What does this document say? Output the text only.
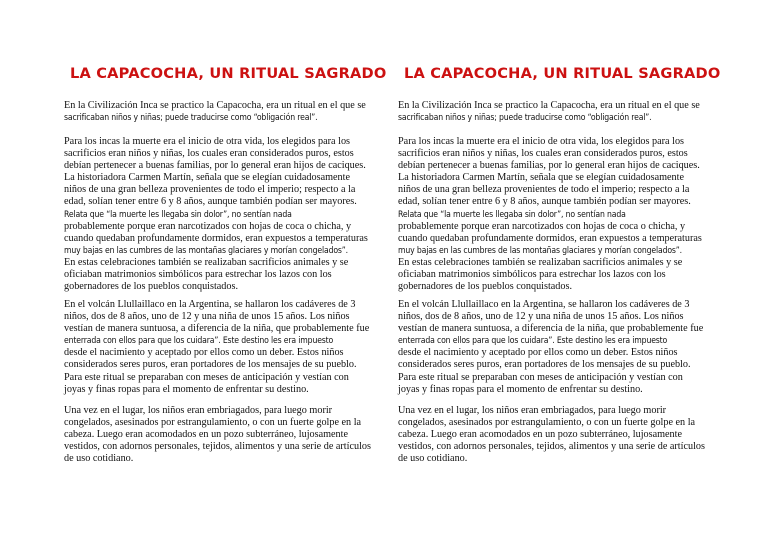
LA CAPACOCHA, UN RITUAL SAGRADO

En la Civilización Inca se practico la Capacocha, era un ritual en el que se
sacrificaban niños y niñas; puede traducirse como “obligación real”.

Para los incas la muerte era el inicio de otra vida, los elegidos para los
sacrificios eran niños y niñas, los cuales eran considerados puros, estos
debían pertenecer a buenas familias, por lo general eran hijos de caciques.
La historiadora Carmen Martín, señala que se elegían cuidadosamente
niños de una gran belleza provenientes de todo el imperio; respecto a la
edad, solían tener entre 6 y 8 años, aunque también podían ser mayores.
Relata que “la muerte les llegaba sin dolor”, no sentían nada
probablemente porque eran narcotizados con hojas de coca o chicha, y
cuando quedaban profundamente dormidos, eran expuestos a temperaturas
muy bajas en las cumbres de las montañas glaciares y morían congelados”.
En estas celebraciones también se realizaban sacrificios animales y se
oficiaban matrimonios simbólicos para estrechar los lazos con los
gobernadores de los pueblos conquistados.

En el volcán Llullaillaco en la Argentina, se hallaron los cadáveres de 3
niños, dos de 8 años, uno de 12 y una niña de unos 15 años. Los niños
vestían de manera suntuosa, a diferencia de la niña, que probablemente fue
enterrada con ellos para que los cuidara”. Este destino les era impuesto
desde el nacimiento y aceptado por ellos como un deber. Estos niños
considerados seres puros, eran portadores de los mensajes de su pueblo.
Para este ritual se preparaban con meses de anticipación y vestían con
joyas y finas ropas para el momento de enfrentar su destino.

Una vez en el lugar, los niños eran embriagados, para luego morir
congelados, asesinados por estrangulamiento, o con un fuerte golpe en la
cabeza. Luego eran acomodados en un pozo subterráneo, lujosamente
vestidos, con adornos personales, tejidos, alimentos y una serie de artículos
de uso cotidiano.

LA CAPACOCHA, UN RITUAL SAGRADO

En la Civilización Inca se practico la Capacocha, era un ritual en el que se
sacrificaban niños y niñas; puede traducirse como “obligación real”.

Para los incas la muerte era el inicio de otra vida, los elegidos para los
sacrificios eran niños y niñas, los cuales eran considerados puros, estos
debían pertenecer a buenas familias, por lo general eran hijos de caciques.
La historiadora Carmen Martín, señala que se elegían cuidadosamente
niños de una gran belleza provenientes de todo el imperio; respecto a la
edad, solían tener entre 6 y 8 años, aunque también podían ser mayores.
Relata que “la muerte les llegaba sin dolor”, no sentían nada
probablemente porque eran narcotizados con hojas de coca o chicha, y
cuando quedaban profundamente dormidos, eran expuestos a temperaturas
muy bajas en las cumbres de las montañas glaciares y morían congelados”.
En estas celebraciones también se realizaban sacrificios animales y se
oficiaban matrimonios simbólicos para estrechar los lazos con los
gobernadores de los pueblos conquistados.

En el volcán Llullaillaco en la Argentina, se hallaron los cadáveres de 3
niños, dos de 8 años, uno de 12 y una niña de unos 15 años. Los niños
vestían de manera suntuosa, a diferencia de la niña, que probablemente fue
enterrada con ellos para que los cuidara”. Este destino les era impuesto
desde el nacimiento y aceptado por ellos como un deber. Estos niños
considerados seres puros, eran portadores de los mensajes de su pueblo.
Para este ritual se preparaban con meses de anticipación y vestían con
joyas y finas ropas para el momento de enfrentar su destino.

Una vez en el lugar, los niños eran embriagados, para luego morir
congelados, asesinados por estrangulamiento, o con un fuerte golpe en la
cabeza. Luego eran acomodados en un pozo subterráneo, lujosamente
vestidos, con adornos personales, tejidos, alimentos y una serie de artículos
de uso cotidiano.
